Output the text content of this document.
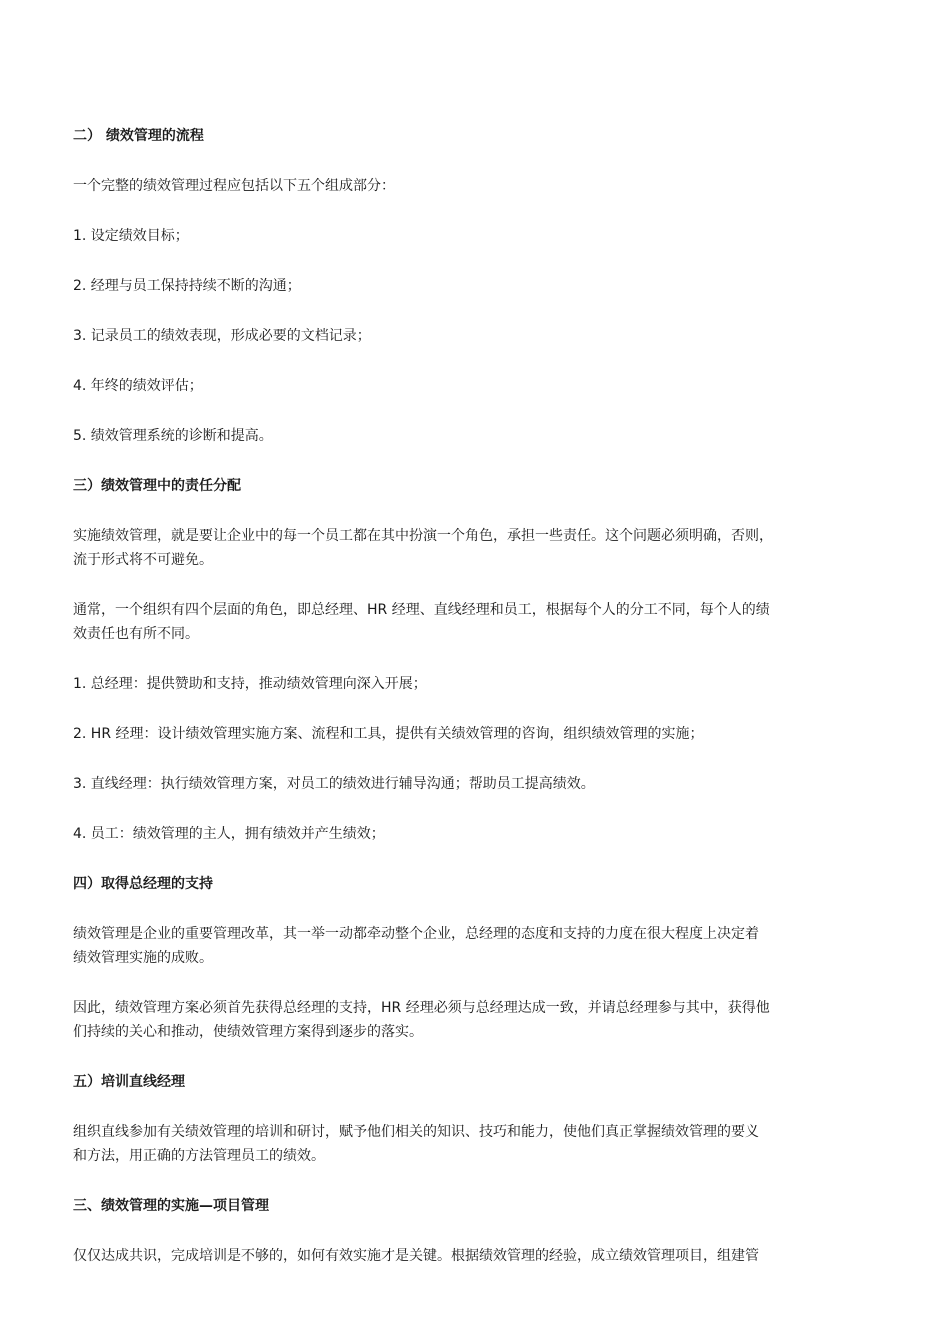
二） 绩效管理的流程

一个完整的绩效管理过程应包括以下五个组成部分：

1. 设定绩效目标；

2. 经理与员工保持持续不断的沟通；

3. 记录员工的绩效表现，形成必要的文档记录；

4. 年终的绩效评估；

5. 绩效管理系统的诊断和提高。

三）绩效管理中的责任分配

实施绩效管理，就是要让企业中的每一个员工都在其中扮演一个角色，承担一些责任。这个问题必须明确，否则，
流于形式将不可避免。

通常，一个组织有四个层面的角色，即总经理、HR 经理、直线经理和员工，根据每个人的分工不同，每个人的绩
效责任也有所不同。

1. 总经理：提供赞助和支持，推动绩效管理向深入开展；

2. HR 经理：设计绩效管理实施方案、流程和工具，提供有关绩效管理的咨询，组织绩效管理的实施；

3. 直线经理：执行绩效管理方案，对员工的绩效进行辅导沟通；帮助员工提高绩效。

4. 员工：绩效管理的主人，拥有绩效并产生绩效；

四）取得总经理的支持

绩效管理是企业的重要管理改革，其一举一动都牵动整个企业，总经理的态度和支持的力度在很大程度上决定着
绩效管理实施的成败。

因此，绩效管理方案必须首先获得总经理的支持，HR 经理必须与总经理达成一致，并请总经理参与其中，获得他
们持续的关心和推动，使绩效管理方案得到逐步的落实。

五）培训直线经理

组织直线参加有关绩效管理的培训和研讨，赋予他们相关的知识、技巧和能力，使他们真正掌握绩效管理的要义
和方法，用正确的方法管理员工的绩效。

三、绩效管理的实施—项目管理

仅仅达成共识，完成培训是不够的，如何有效实施才是关键。根据绩效管理的经验，成立绩效管理项目，组建管
